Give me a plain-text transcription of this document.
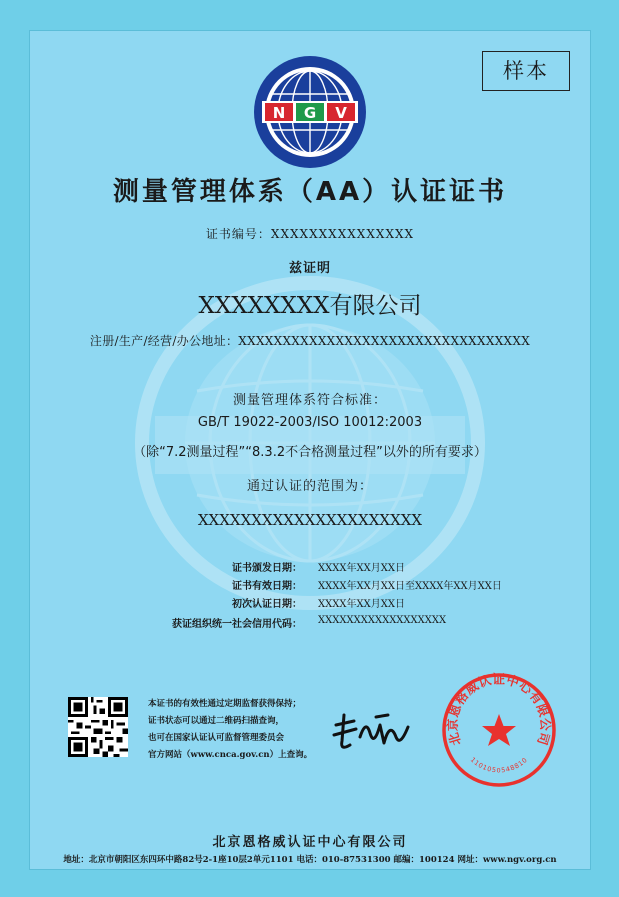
样本
N G V
测量管理体系（AA）认证证书
证书编号：XXXXXXXXXXXXXXX
兹证明
XXXXXXXX有限公司
注册/生产/经营/办公地址：XXXXXXXXXXXXXXXXXXXXXXXXXXXXXXXXX
测量管理体系符合标准：
GB/T 19022-2003/ISO 10012:2003
（除“7.2测量过程”“8.3.2不合格测量过程”以外的所有要求）
通过认证的范围为：
XXXXXXXXXXXXXXXXXXXXX
证书颁发日期： XXXX年XX月XX日
证书有效日期： XXXX年XX月XX日至XXXX年XX月XX日
初次认证日期： XXXX年XX月XX日
获证组织统一社会信用代码： XXXXXXXXXXXXXXXXXX
本证书的有效性通过定期监督获得保持；
证书状态可以通过二维码扫描查询，
也可在国家认证认可监督管理委员会
官方网站（www.cnca.gov.cn）上查询。
北京恩格威认证中心有限公司
1101050548810
北京恩格威认证中心有限公司
地址：北京市朝阳区东四环中路82号2-1座10层2单元1101 电话：010-87531300 邮编：100124 网址：www.ngv.org.cn
